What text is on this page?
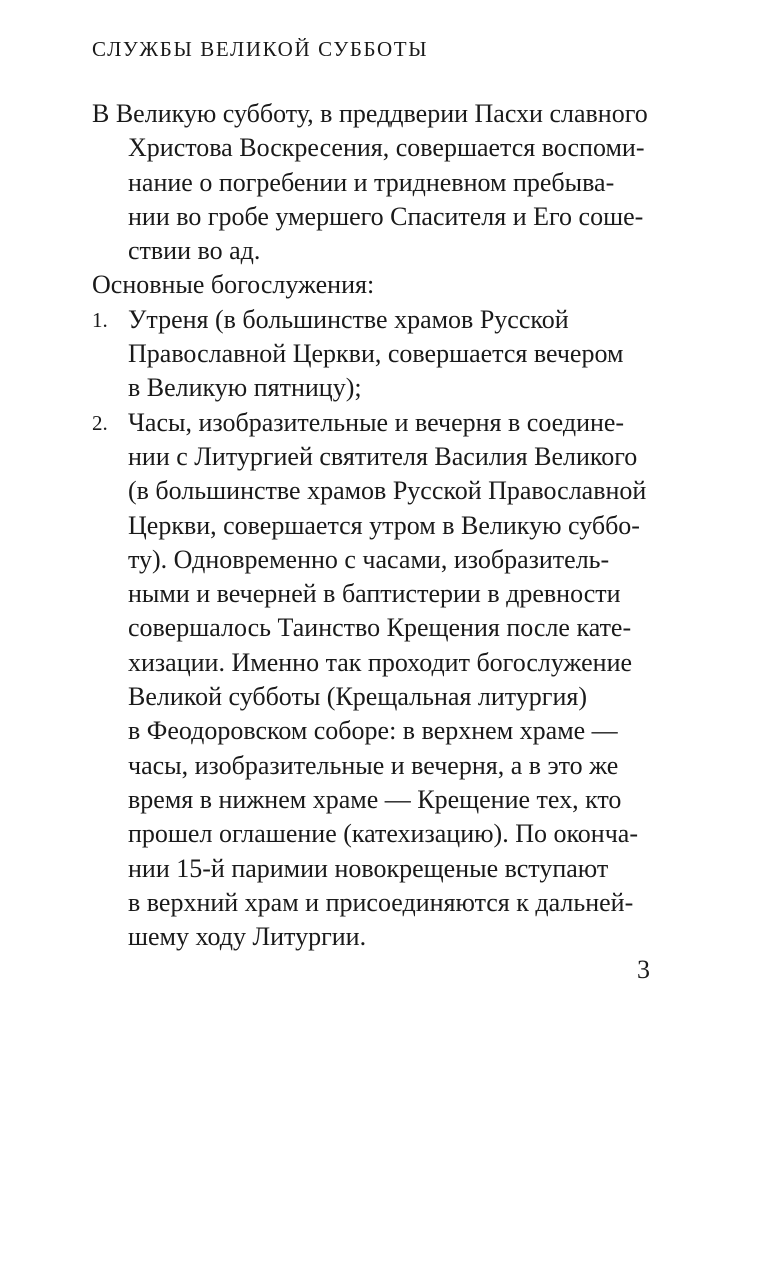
СЛУЖБЫ ВЕЛИКОЙ СУББОТЫ
В Великую субботу, в преддверии Пасхи славного
Христова Воскресения, совершается воспоми-
нание о погребении и тридневном пребыва-
нии во гробе умершего Спасителя и Его соше-
ствии во ад.
Основные богослужения:
1. Утреня (в большинстве храмов Русской
Православной Церкви, совершается вечером
в Великую пятницу);
2. Часы, изобразительные и вечерня в соедине-
нии с Литургией святителя Василия Великого
(в большинстве храмов Русской Православной
Церкви, совершается утром в Великую суббо-
ту). Одновременно с часами, изобразитель-
ными и вечерней в баптистерии в древности
совершалось Таинство Крещения после кате-
хизации. Именно так проходит богослужение
Великой субботы (Крещальная литургия)
в Феодоровском соборе: в верхнем храме —
часы, изобразительные и вечерня, а в это же
время в нижнем храме — Крещение тех, кто
прошел оглашение (катехизацию). По оконча-
нии 15-й паримии новокрещеные вступают
в верхний храм и присоединяются к дальней-
шему ходу Литургии.
3
